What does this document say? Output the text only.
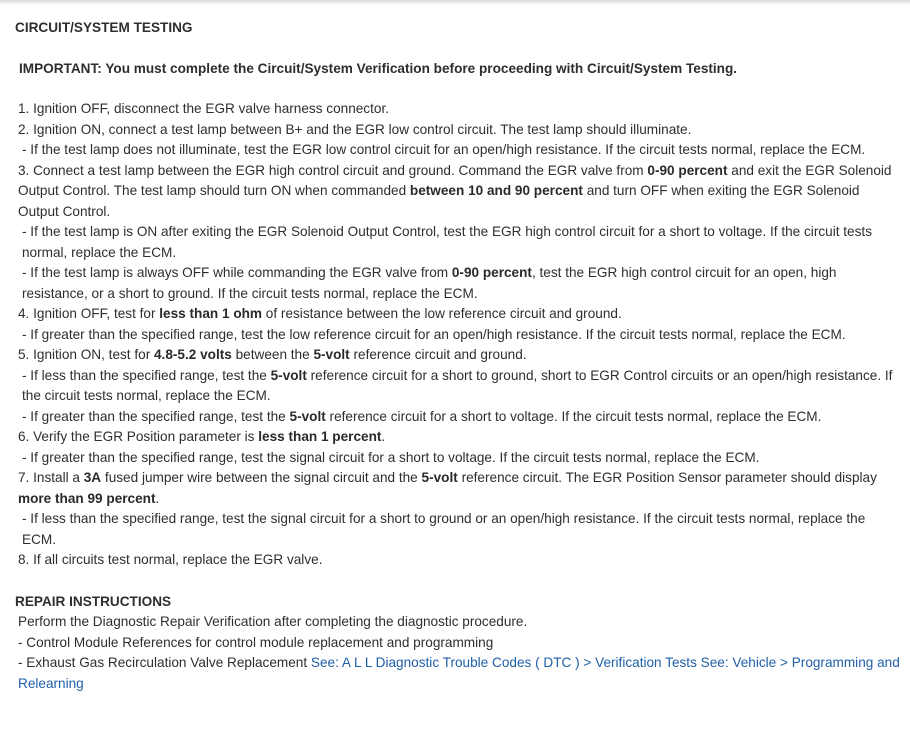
CIRCUIT/SYSTEM TESTING
IMPORTANT: You must complete the Circuit/System Verification before proceeding with Circuit/System Testing.

1. Ignition OFF, disconnect the EGR valve harness connector.

2. Ignition ON, connect a test lamp between B+ and the EGR low control circuit. The test lamp should illuminate.

- If the test lamp does not illuminate, test the EGR low control circuit for an open/high resistance. If the circuit tests normal, replace the ECM.

3. Connect a test lamp between the EGR high control circuit and ground. Command the EGR valve from 0-90 percent and exit the EGR Solenoid Output Control. The test lamp should turn ON when commanded between 10 and 90 percent and turn OFF when exiting the EGR Solenoid Output Control.

- If the test lamp is ON after exiting the EGR Solenoid Output Control, test the EGR high control circuit for a short to voltage. If the circuit tests normal, replace the ECM.

- If the test lamp is always OFF while commanding the EGR valve from 0-90 percent, test the EGR high control circuit for an open, high resistance, or a short to ground. If the circuit tests normal, replace the ECM.

4. Ignition OFF, test for less than 1 ohm of resistance between the low reference circuit and ground.

- If greater than the specified range, test the low reference circuit for an open/high resistance. If the circuit tests normal, replace the ECM.

5. Ignition ON, test for 4.8-5.2 volts between the 5-volt reference circuit and ground.

- If less than the specified range, test the 5-volt reference circuit for a short to ground, short to EGR Control circuits or an open/high resistance. If the circuit tests normal, replace the ECM.

- If greater than the specified range, test the 5-volt reference circuit for a short to voltage. If the circuit tests normal, replace the ECM.

6. Verify the EGR Position parameter is less than 1 percent.

- If greater than the specified range, test the signal circuit for a short to voltage. If the circuit tests normal, replace the ECM.

7. Install a 3A fused jumper wire between the signal circuit and the 5-volt reference circuit. The EGR Position Sensor parameter should display more than 99 percent.

- If less than the specified range, test the signal circuit for a short to ground or an open/high resistance. If the circuit tests normal, replace the ECM.

8. If all circuits test normal, replace the EGR valve.

REPAIR INSTRUCTIONS

Perform the Diagnostic Repair Verification after completing the diagnostic procedure.

- Control Module References for control module replacement and programming

- Exhaust Gas Recirculation Valve Replacement See: A L L Diagnostic Trouble Codes ( DTC ) > Verification Tests See: Vehicle > Programming and Relearning
